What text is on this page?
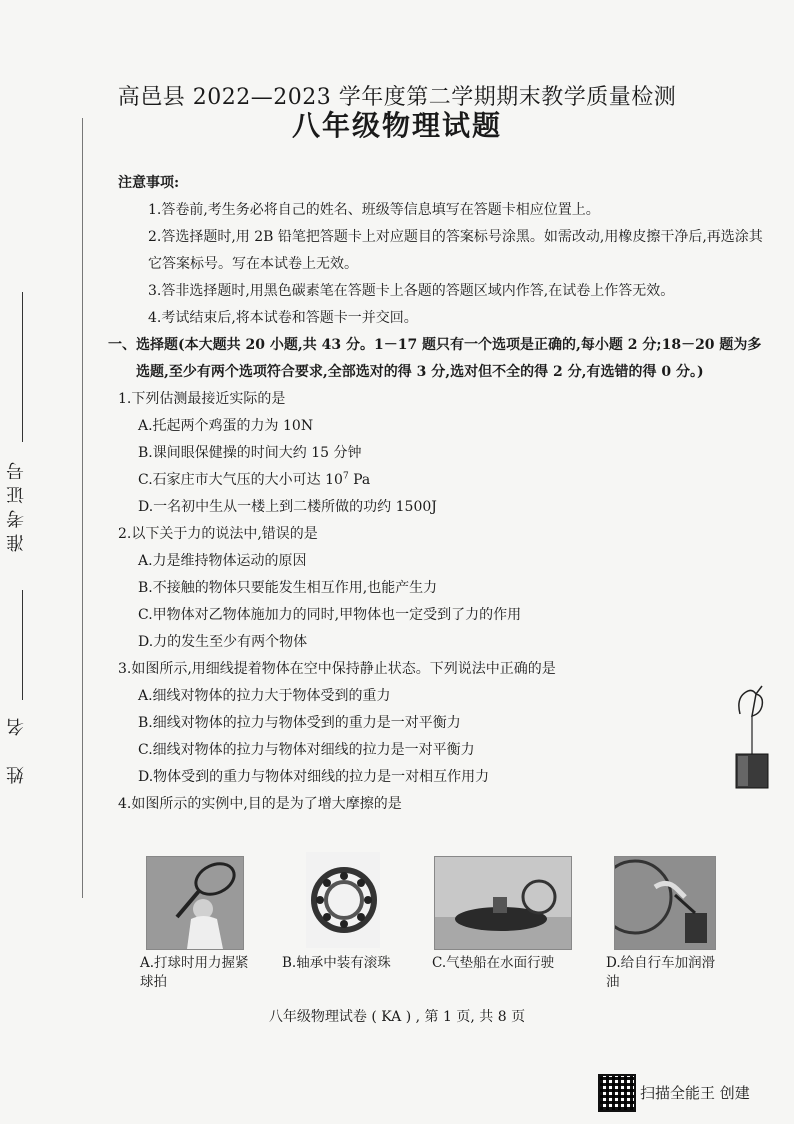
高邑县 2022—2023 学年度第二学期期末教学质量检测
八年级物理试题
准考证号
姓　名

注意事项:

1.答卷前,考生务必将自己的姓名、班级等信息填写在答题卡相应位置上。

2.答选择题时,用 2B 铅笔把答题卡上对应题目的答案标号涂黑。如需改动,用橡皮擦干净后,再选涂其它答案标号。写在本试卷上无效。

3.答非选择题时,用黑色碳素笔在答题卡上各题的答题区域内作答,在试卷上作答无效。

4.考试结束后,将本试卷和答题卡一并交回。

一、选择题(本大题共 20 小题,共 43 分。1－17 题只有一个选项是正确的,每小题 2 分;18－20 题为多选题,至少有两个选项符合要求,全部选对的得 3 分,选对但不全的得 2 分,有选错的得 0 分。)

1.下列估测最接近实际的是

A.托起两个鸡蛋的力为 10N

B.课间眼保健操的时间大约 15 分钟

C.石家庄市大气压的大小可达 $10^7$ Pa

D.一名初中生从一楼上到二楼所做的功约 1500J

2.以下关于力的说法中,错误的是

A.力是维持物体运动的原因

B.不接触的物体只要能发生相互作用,也能产生力

C.甲物体对乙物体施加力的同时,甲物体也一定受到了力的作用

D.力的发生至少有两个物体

3.如图所示,用细线提着物体在空中保持静止状态。下列说法中正确的是

A.细线对物体的拉力大于物体受到的重力

B.细线对物体的拉力与物体受到的重力是一对平衡力

C.细线对物体的拉力与物体对细线的拉力是一对平衡力

D.物体受到的重力与物体对细线的拉力是一对相互作用力

4.如图所示的实例中,目的是为了增大摩擦的是

A.打球时用力握紧球拍
B.轴承中装有滚珠	C.气垫船在水面行驶	D.给自行车加润滑油
八年级物理试卷 ( KA ) , 第 1 页, 共 8 页
扫描全能王 创建
